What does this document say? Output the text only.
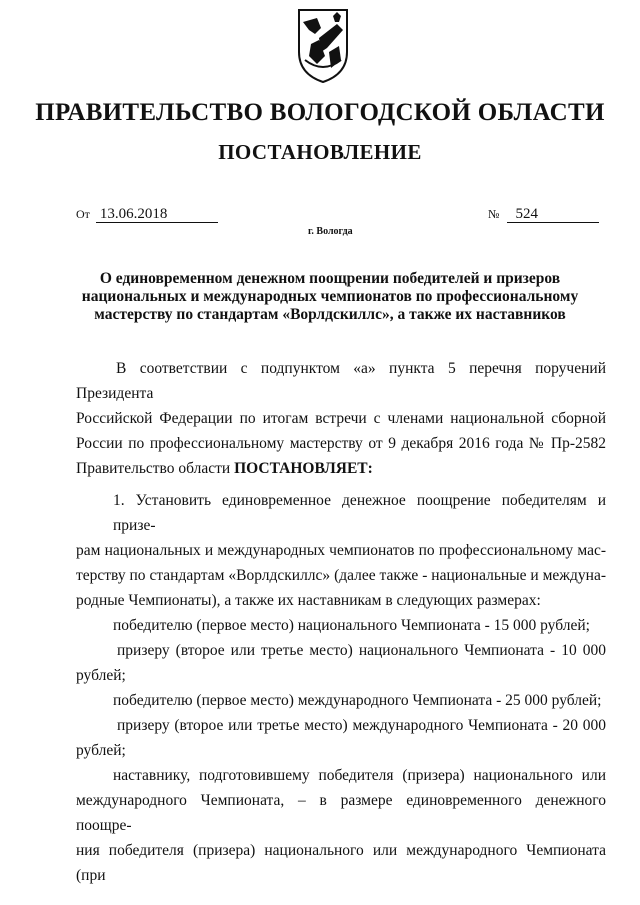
ПРАВИТЕЛЬСТВО ВОЛОГОДСКОЙ ОБЛАСТИ
ПОСТАНОВЛЕНИЕ
От 13.06.2018	№ 524
г. Вологда
О единовременном денежном поощрении победителей и призеров
национальных и международных чемпионатов по профессиональному
мастерству по стандартам «Ворлдскиллс», а также их наставников
В соответствии с подпунктом «а» пункта 5 перечня поручений Президента
Российской Федерации по итогам встречи с членами национальной сборной
России по профессиональному мастерству от 9 декабря 2016 года № Пр-2582
Правительство области ПОСТАНОВЛЯЕТ:
1. Установить единовременное денежное поощрение победителям и призе-
рам национальных и международных чемпионатов по профессиональному мас-
терству по стандартам «Ворлдскиллс» (далее также - национальные и междуна-
родные Чемпионаты), а также их наставникам в следующих размерах:
победителю (первое место) национального Чемпионата - 15 000 рублей;
призеру (второе или третье место) национального Чемпионата - 10 000
рублей;
победителю (первое место) международного Чемпионата - 25 000 рублей;
призеру (второе или третье место) международного Чемпионата - 20 000
рублей;
наставнику, подготовившему победителя (призера) национального или
международного Чемпионата, – в размере единовременного денежного поощре-
ния победителя (призера) национального или международного Чемпионата (при
